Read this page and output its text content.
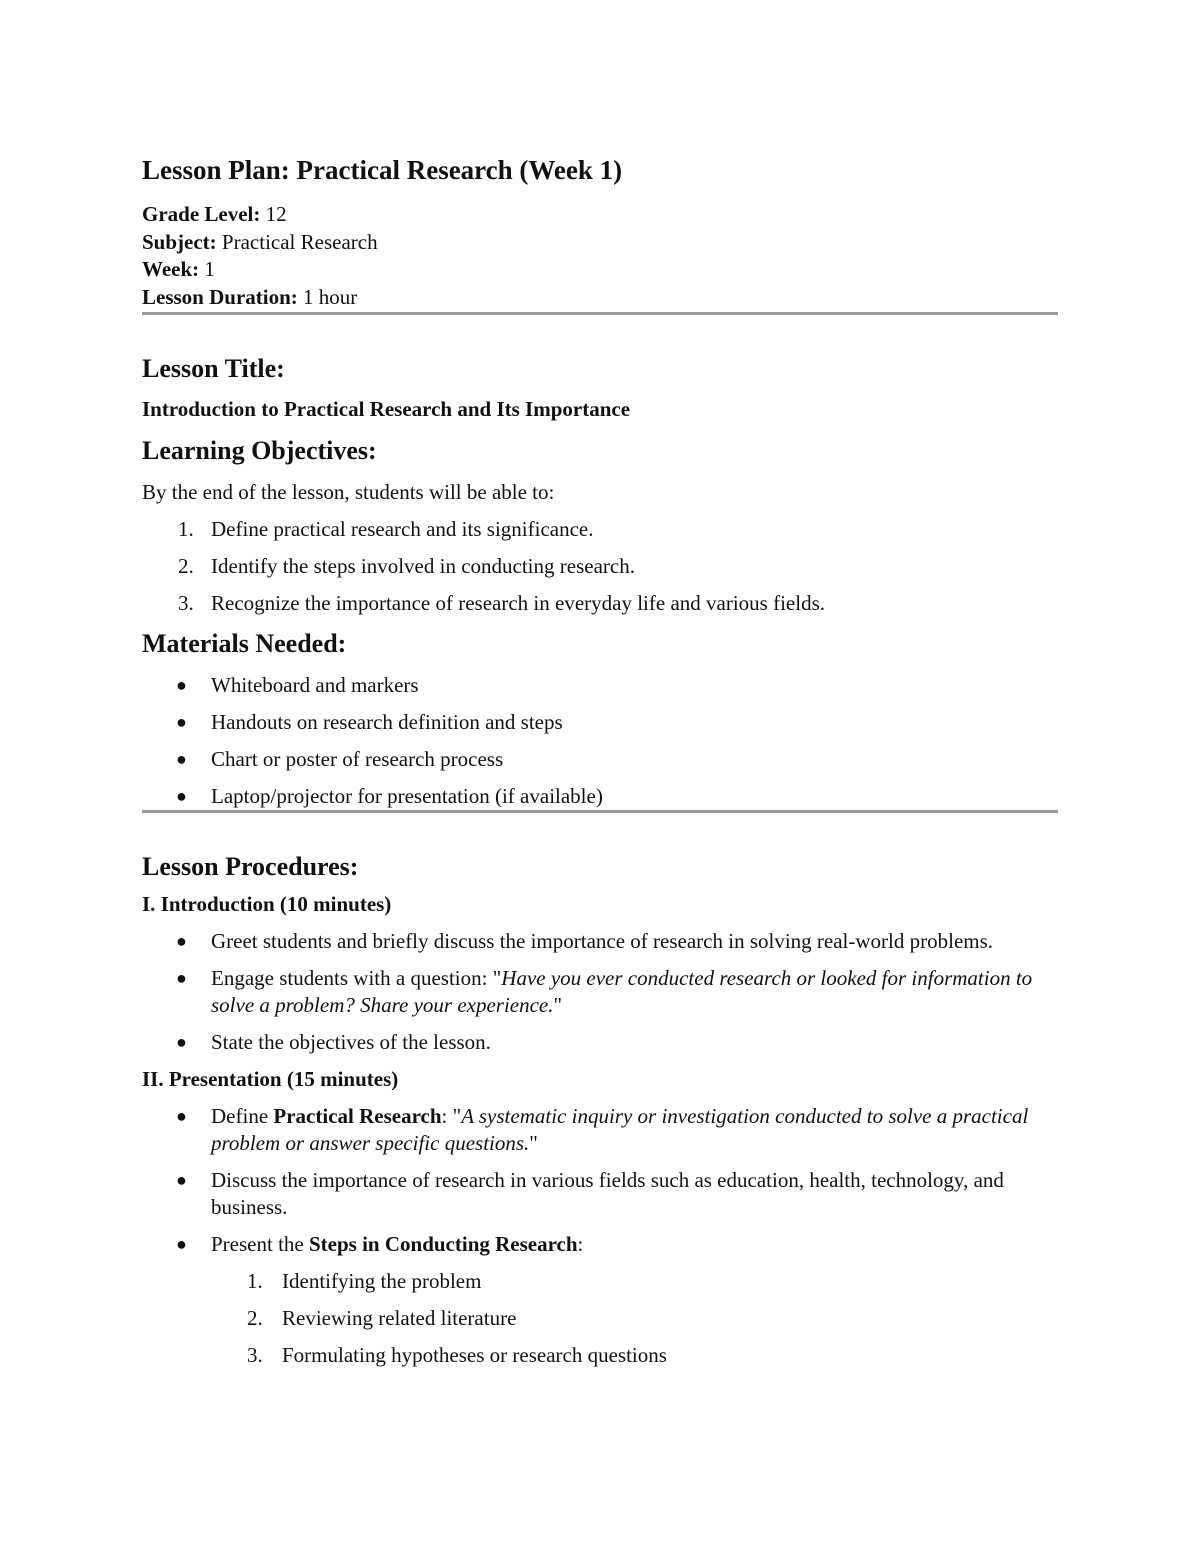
Lesson Plan: Practical Research (Week 1)

Grade Level: 12

Subject: Practical Research

Week: 1

Lesson Duration: 1 hour

Lesson Title:

Introduction to Practical Research and Its Importance

Learning Objectives:

By the end of the lesson, students will be able to:

1. Define practical research and its significance.
2. Identify the steps involved in conducting research.
3. Recognize the importance of research in everyday life and various fields.
Materials Needed:
● Whiteboard and markers
● Handouts on research definition and steps
● Chart or poster of research process
● Laptop/projector for presentation (if available)
Lesson Procedures:

I. Introduction (10 minutes)

● Greet students and briefly discuss the importance of research in solving real-world problems.
● Engage students with a question: "Have you ever conducted research or looked for information to solve a problem? Share your experience."
● State the objectives of the lesson.

II. Presentation (15 minutes)

● Define Practical Research: "A systematic inquiry or investigation conducted to solve a practical problem or answer specific questions."
● Discuss the importance of research in various fields such as education, health, technology, and business.
● Present the Steps in Conducting Research:
1. Identifying the problem
2. Reviewing related literature
3. Formulating hypotheses or research questions
